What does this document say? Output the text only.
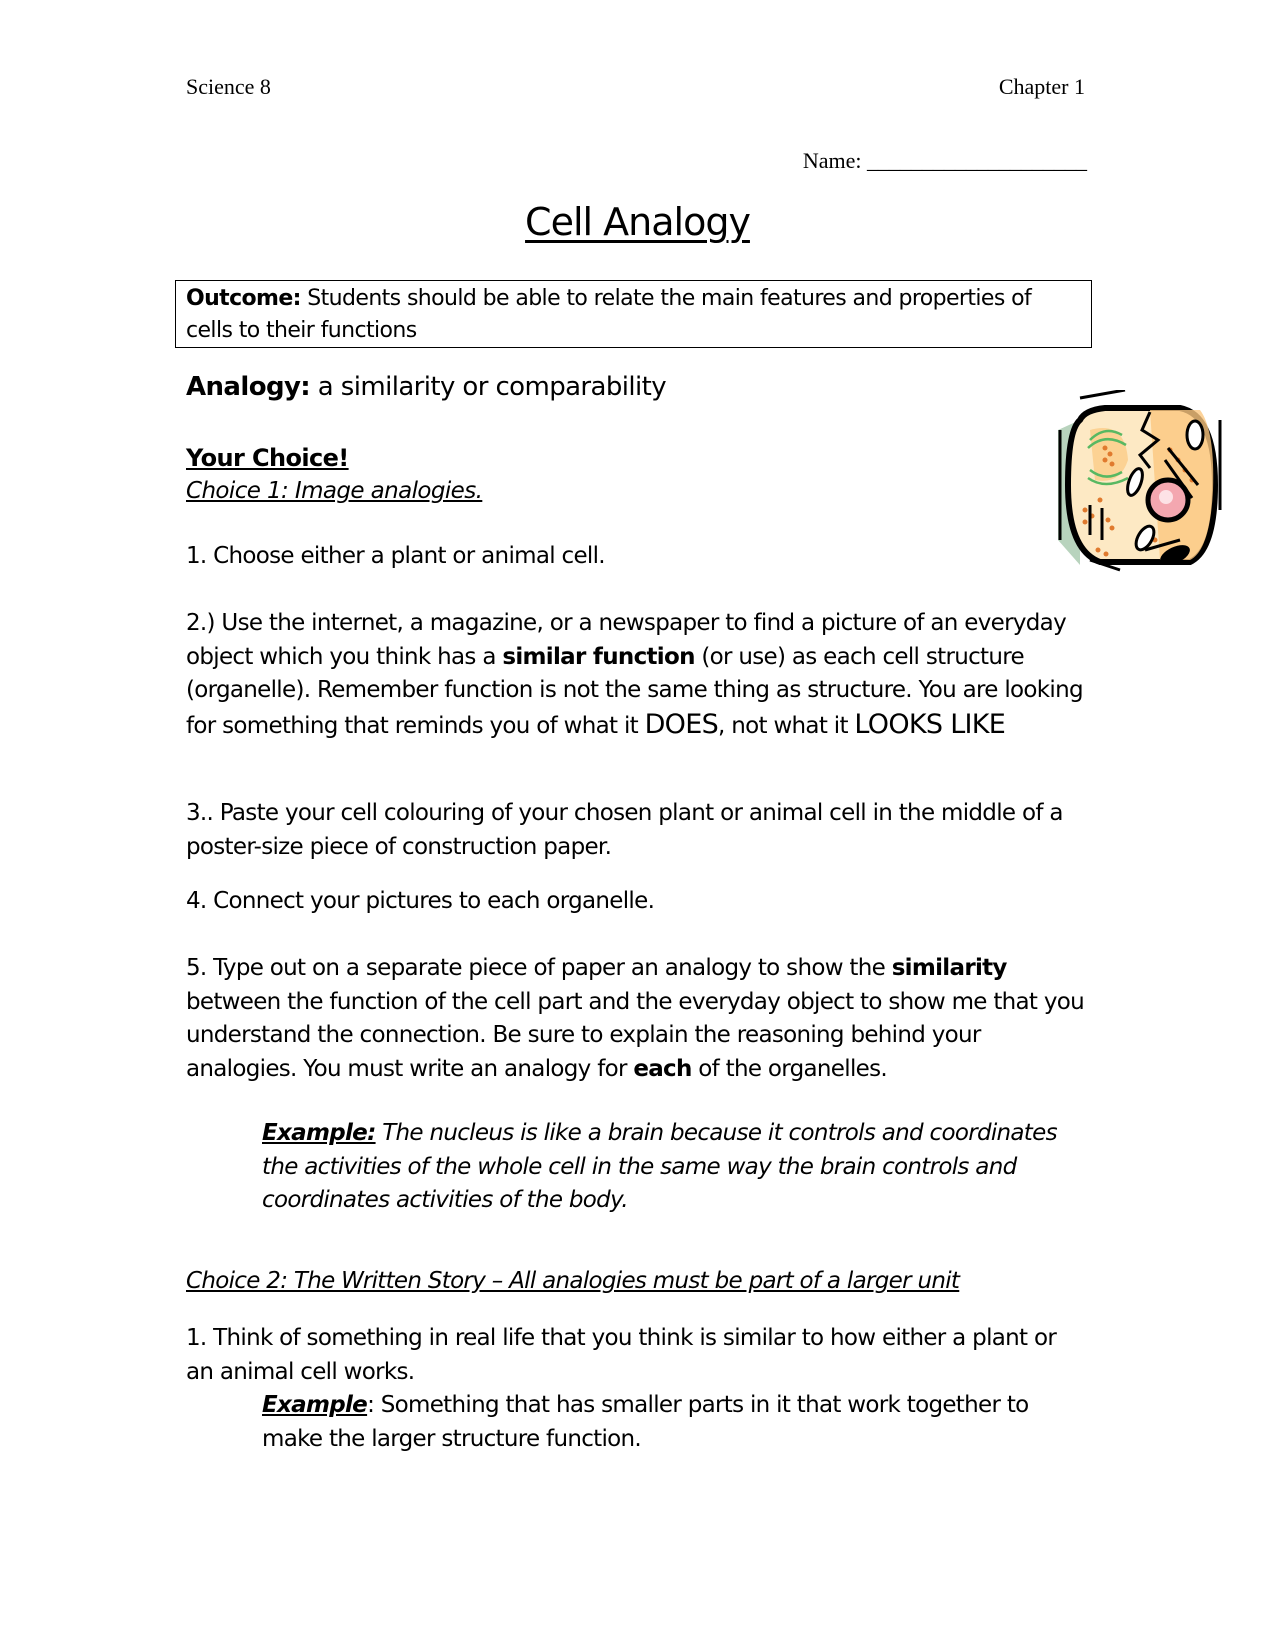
Science 8	Chapter 1
Name: ____________________
Cell Analogy
Outcome: Students should be able to relate the main features and properties of cells to their functions
Analogy: a similarity or comparability
Your Choice!
Choice 1: Image analogies.
1. Choose either a plant or animal cell.
2.) Use the internet, a magazine, or a newspaper to find a picture of an everyday object which you think has a similar function (or use) as each cell structure (organelle). Remember function is not the same thing as structure. You are looking for something that reminds you of what it DOES, not what it LOOKS LIKE
3.. Paste your cell colouring of your chosen plant or animal cell in the middle of a poster-size piece of construction paper.
4. Connect your pictures to each organelle.
5. Type out on a separate piece of paper an analogy to show the similarity between the function of the cell part and the everyday object to show me that you understand the connection. Be sure to explain the reasoning behind your analogies. You must write an analogy for each of the organelles.
Example: The nucleus is like a brain because it controls and coordinates the activities of the whole cell in the same way the brain controls and coordinates activities of the body.
Choice 2: The Written Story – All analogies must be part of a larger unit
1. Think of something in real life that you think is similar to how either a plant or an animal cell works.
Example: Something that has smaller parts in it that work together to make the larger structure function.
